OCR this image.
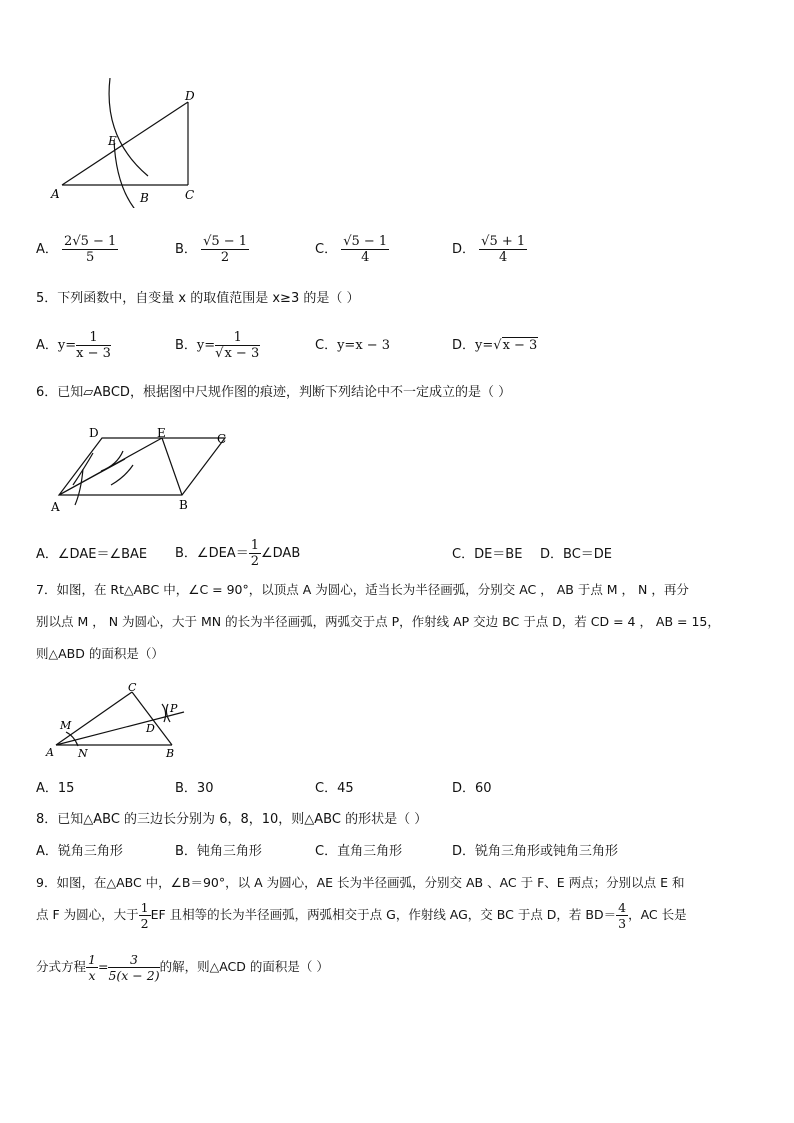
A	B	C
D
E
A． $\frac{2√5 - 1}{5}$	B． $\frac{√5 - 1}{2}$	C． $\frac{√5 - 1}{4}$	D． $\frac{√5 + 1}{4}$
5．下列函数中，自变量 x 的取值范围是 x≥3 的是（ ）
A．$y= \frac{1}{x - 3}$	B．$y= \frac{1}{√x - 3}$	C．y=x − 3	D．y=√x − 3
6．已知▱ABCD，根据图中尺规作图的痕迹，判断下列结论中不一定成立的是（ ）
A	B
C
D	E
A．∠DAE＝∠BAE B．∠DEA＝ $\frac{1}{2}$ ∠DAB	C．DE＝BE D．BC＝DE
7．如图，在 Rt△ABC 中，∠C = 90°，以顶点 A 为圆心，适当长为半径画弧，分别交 AC ， AB 于点 M ， N ，再分
别以点 M ， N 为圆心，大于 MN 的长为半径画弧，两弧交于点 P，作射线 AP 交边 BC 于点 D，若 CD = 4 ， AB = 15，
则△ABD 的面积是（）
A	B
C
D
M
N
P
A．15	B．30	C．45	D．60
8．已知△ABC 的三边长分别为 6，8，10，则△ABC 的形状是（ ）
A．锐角三角形	B．钝角三角形	C．直角三角形	D．锐角三角形或钝角三角形
9．如图，在△ABC 中，∠B＝90°，以 A 为圆心，AE 长为半径画弧，分别交 AB 、AC 于 F、E 两点；分别以点 E 和
点 F 为圆心，大于 $\frac{1}{2}$ EF 且相等的长为半径画弧，两弧相交于点 G，作射线 AG，交 BC 于点 D，若 $BD= \frac{4}{3}$ ，AC 长是
分式方程 $\frac{1}{x} = \frac{3}{5(x - 2)}$ 的解，则△ACD 的面积是（ ）
